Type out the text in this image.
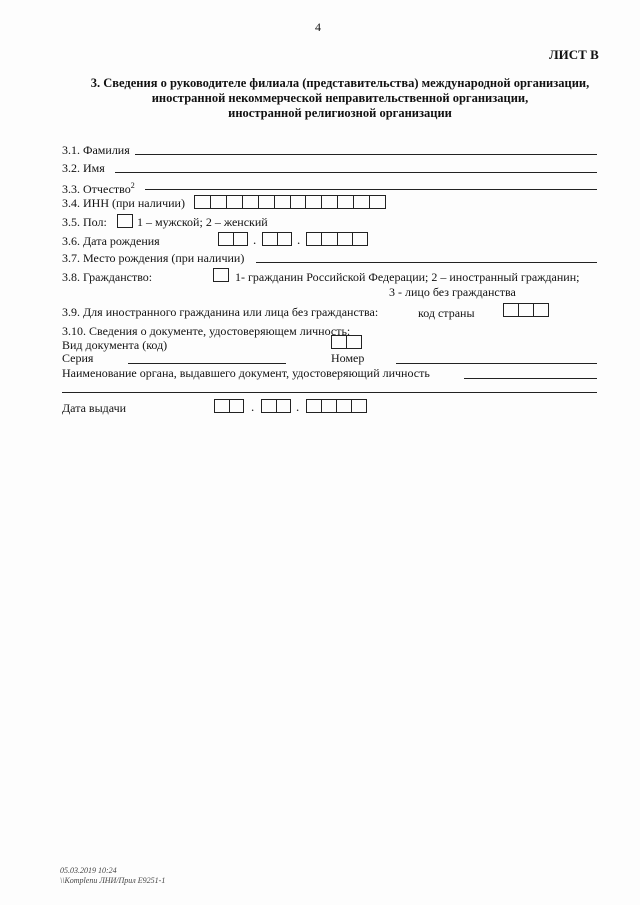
4
ЛИСТ В
3. Сведения о руководителе филиала (представительства) международной организации,
иностранной некоммерческой неправительственной организации,
иностранной религиозной организации
3.1. Фамилия
3.2. Имя
3.3. Отчество$^2$
3.4. ИНН (при наличии)
3.5. Пол:	1 – мужской; 2 – женский
3.6. Дата рождения	.	.
3.7. Место рождения (при наличии)
3.8. Гражданство:	1- гражданин Российской Федерации; 2 – иностранный гражданин;
3 - лицо без гражданства
3.9. Для иностранного гражданина или лица без гражданства:	код страны
3.10. Сведения о документе, удостоверяющем личность:
Вид документа (код)
Серия	Номер
Наименование органа, выдавшего документ, удостоверяющий личность
Дата выдачи	.	.
05.03.2019 10:24
\\Komplenu ЛНИ/Прил Е9251-1
